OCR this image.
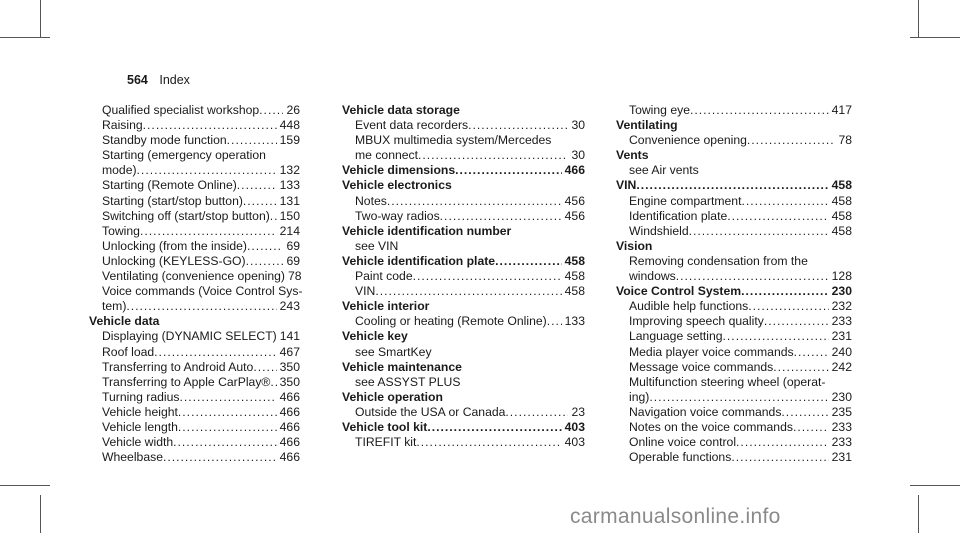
564 Index
Qualified specialist workshop ..... 26
Raising .....	448
Standby mode function .....	159
Starting (emergency operation
mode) .....	132
Starting (Remote Online) .....	133
Starting (start/stop button) .....	131
Switching off (start/stop button) ..... 150
Towing .....	214
Unlocking (from the inside) .....	69
Unlocking (KEYLESS-GO) .....	69
Ventilating (convenience opening) 78
Voice commands (Voice Control Sys-
tem) .....	243
Vehicle data
Displaying (DYNAMIC SELECT) 141
Roof load .....	467
Transferring to Android Auto ..... 350
Transferring to Apple CarPlay® ..... 350
Turning radius .....	466
Vehicle height .....	466
Vehicle length .....	466
Vehicle width .....	466
Wheelbase .....	466
Vehicle data storage
Event data recorders .....	30
MBUX multimedia system/Mercedes
me connect .....	30
Vehicle dimensions .....	466
Vehicle electronics
Notes .....	456
Two-way radios .....	456
Vehicle identification number
see VIN
Vehicle identification plate .....	458
Paint code .....	458
VIN .....	458
Vehicle interior
Cooling or heating (Remote Online) ..... 133
Vehicle key
see SmartKey
Vehicle maintenance
see ASSYST PLUS
Vehicle operation
Outside the USA or Canada .....	23
Vehicle tool kit .....	403
TIREFIT kit .....	403
Towing eye .....	417
Ventilating
Convenience opening .....	78
Vents
see Air vents
VIN .....	458
Engine compartment .....	458
Identification plate .....	458
Windshield .....	458
Vision
Removing condensation from the
windows .....	128
Voice Control System .....	230
Audible help functions .....	232
Improving speech quality .....	233
Language setting .....	231
Media player voice commands .....	240
Message voice commands .....	242
Multifunction steering wheel (operat-
ing) .....	230
Navigation voice commands .....	235
Notes on the voice commands .....	233
Online voice control .....	233
Operable functions .....	231
carmanualsonline.info
